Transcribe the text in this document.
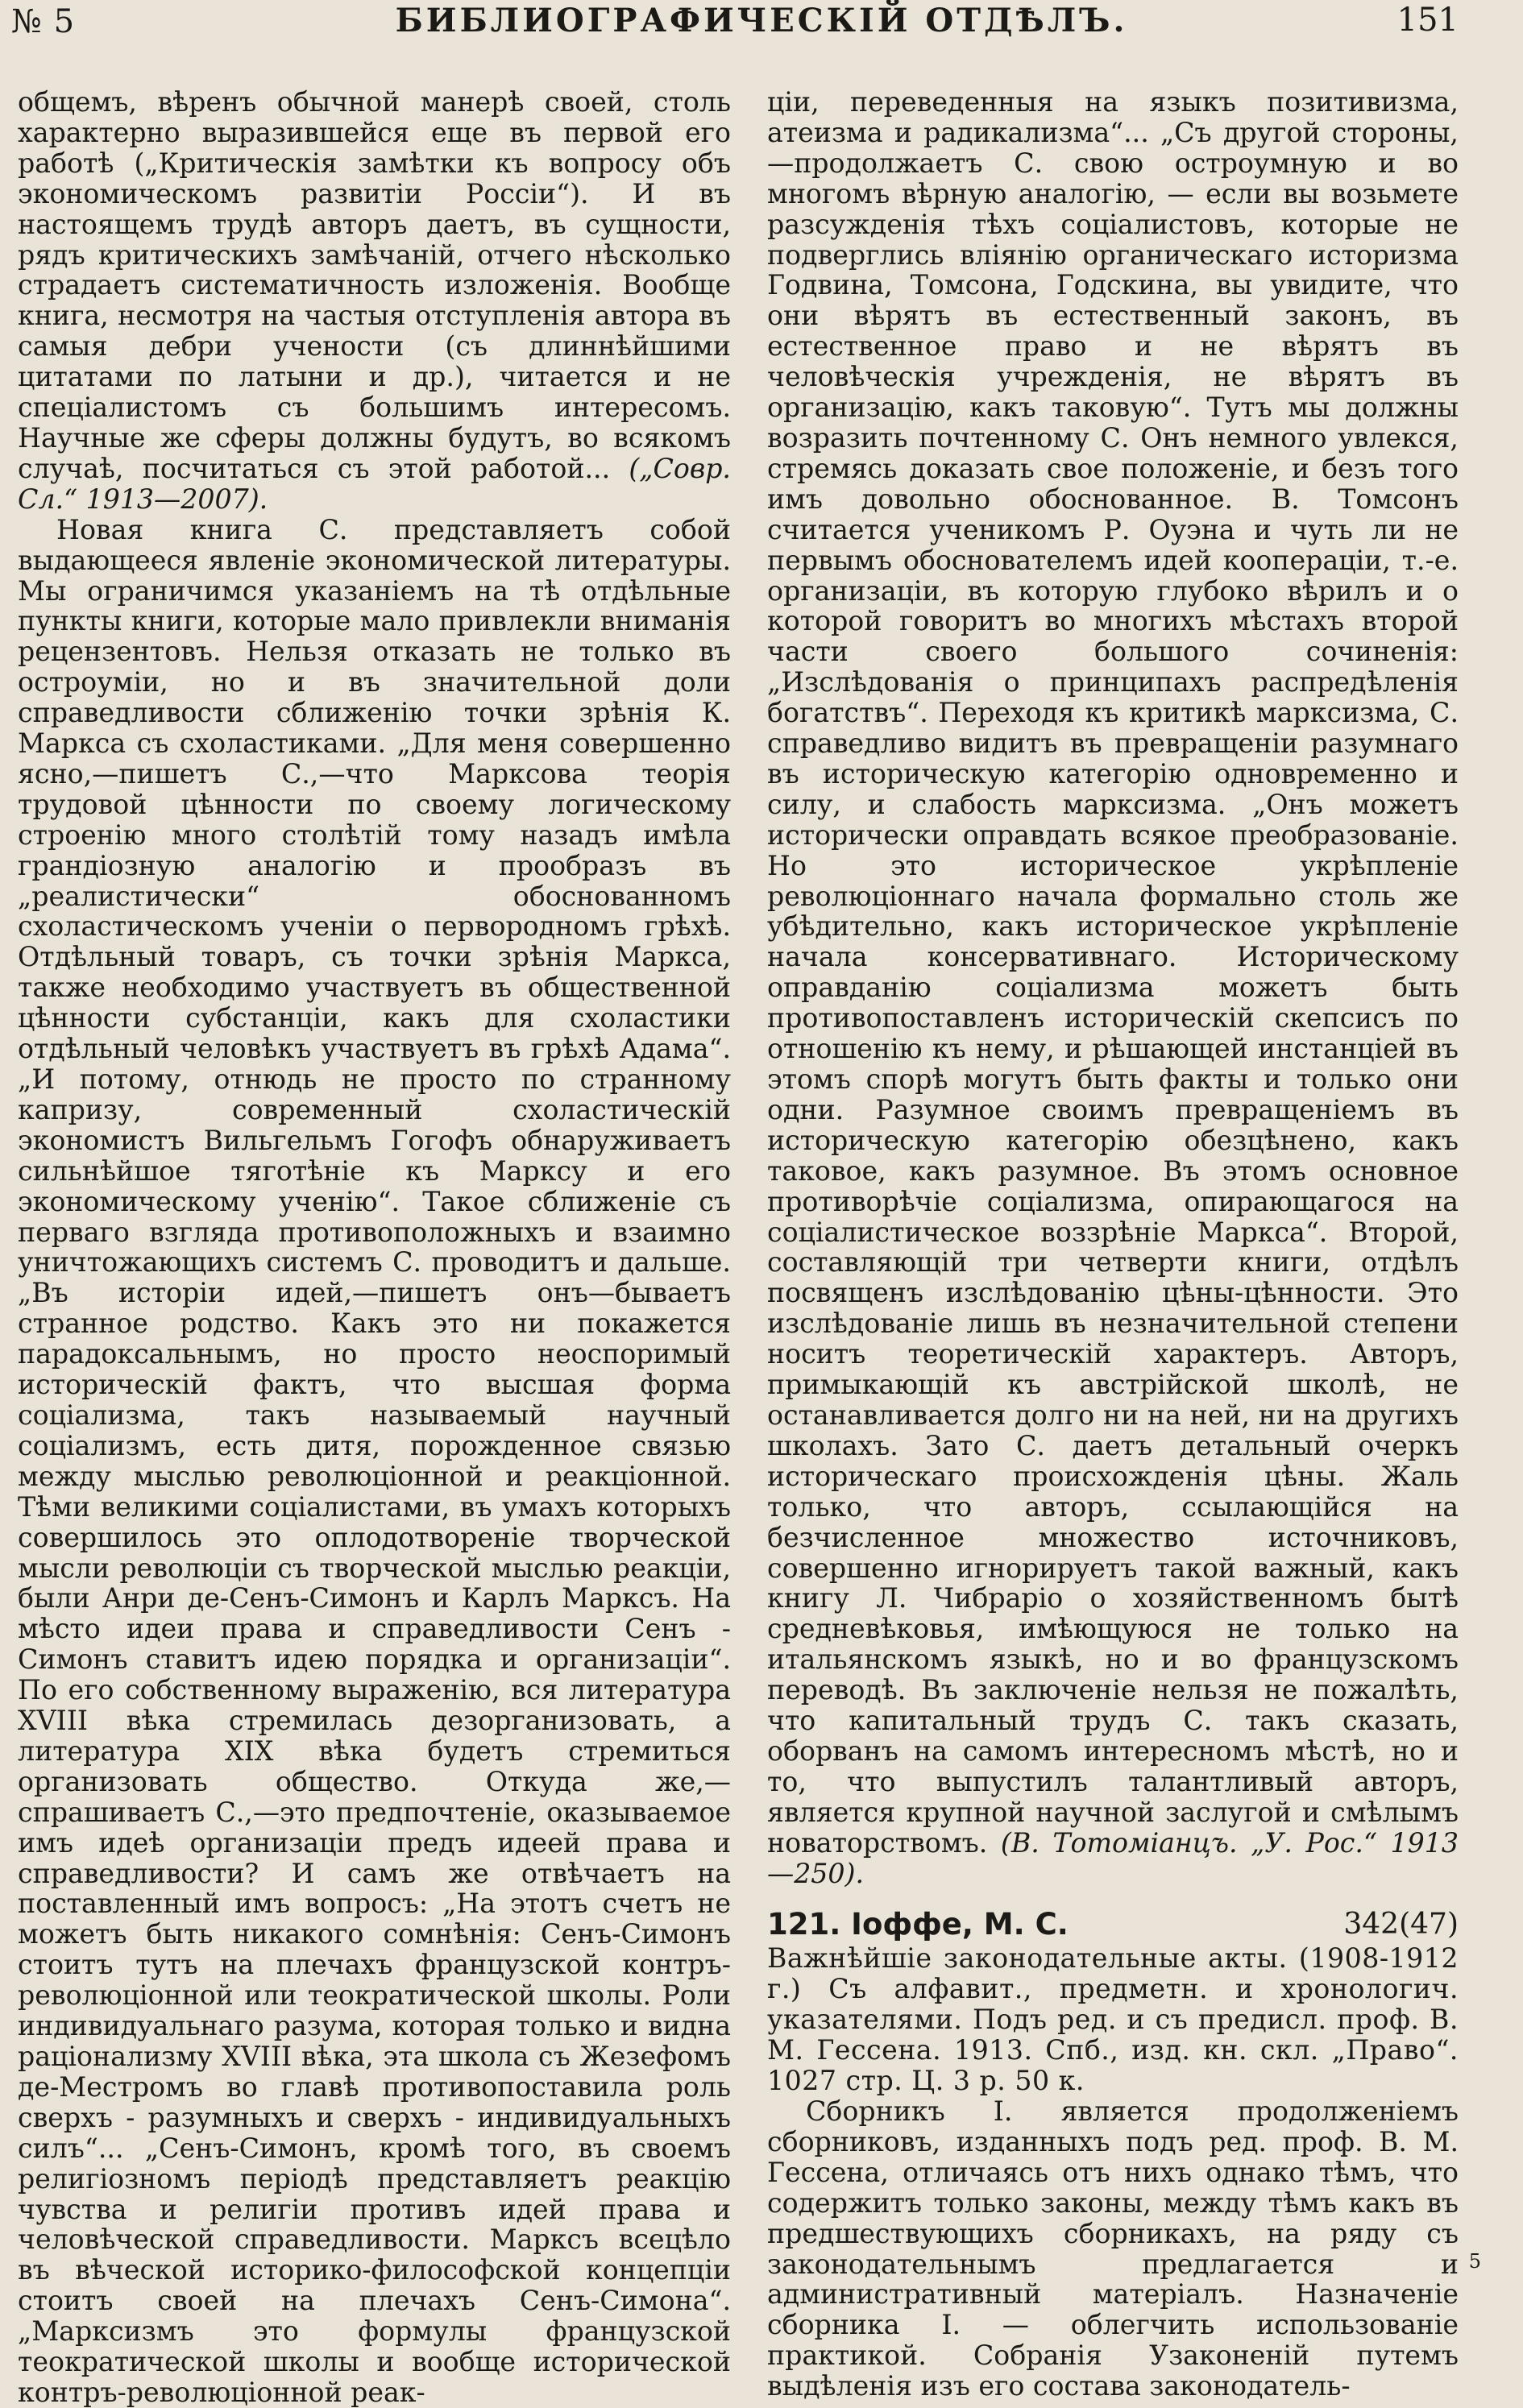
№ 5	БИБЛИОГРАФИЧЕСКІЙ ОТДѢЛЪ.	151

общемъ, вѣренъ обычной манерѣ своей, столь характерно выразившейся еще въ первой его работѣ („Критическія замѣтки къ вопросу объ экономическомъ развитіи Россіи“). И въ настоящемъ трудѣ авторъ даетъ, въ сущности, рядъ критическихъ замѣчаній, отчего нѣсколько страдаетъ систематичность изложенія. Вообще книга, несмотря на частыя отступленія автора въ самыя дебри учености (съ длиннѣйшими цитатами по латыни и др.), читается и не спеціалистомъ съ большимъ интересомъ. Научные же сферы должны будутъ, во всякомъ случаѣ, посчитаться съ этой работой... („Совр. Сл.“ 1913—2007).

Новая книга С. представляетъ собой выдающееся явленіе экономической литературы. Мы ограничимся указаніемъ на тѣ отдѣльные пункты книги, которые мало привлекли вниманія рецензентовъ. Нельзя отказать не только въ остроуміи, но и въ значительной доли справедливости сближенію точки зрѣнія К. Маркса съ схоластиками. „Для меня совершенно ясно,—пишетъ С.,—что Марксова теорія трудовой цѣнности по своему логическому строенію много столѣтій тому назадъ имѣла грандіозную аналогію и прообразъ въ „реалистически“ обоснованномъ схоластическомъ ученіи о первородномъ грѣхѣ. Отдѣльный товаръ, съ точки зрѣнія Маркса, также необходимо участвуетъ въ общественной цѣнности субстанціи, какъ для схоластики отдѣльный человѣкъ участвуетъ въ грѣхѣ Адама“. „И потому, отнюдь не просто по странному капризу, современный схоластическій экономистъ Вильгельмъ Гогофъ обнаруживаетъ сильнѣйшое тяготѣніе къ Марксу и его экономическому ученію“. Такое сближеніе съ перваго взгляда противоположныхъ и взаимно уничтожающихъ системъ С. проводитъ и дальше. „Въ исторіи идей,—пишетъ онъ—бываетъ странное родство. Какъ это ни покажется парадоксальнымъ, но просто неоспоримый историческій фактъ, что высшая форма соціализма, такъ называемый научный соціализмъ, есть дитя, порожденное связью между мыслью революціонной и реакціонной. Тѣми великими соціалистами, въ умахъ которыхъ совершилось это оплодотвореніе творческой мысли революціи съ творческой мыслью реакціи, были Анри де-Сенъ-Симонъ и Карлъ Марксъ. На мѣсто идеи права и справедливости Сенъ - Симонъ ставитъ идею порядка и организаціи“. По его собственному выраженію, вся литература XVIII вѣка стремилась дезорганизовать, а литература XIX вѣка будетъ стремиться организовать общество. Откуда же,—спрашиваетъ С.,—это предпочтеніе, оказываемое имъ идеѣ организаціи предъ идеей права и справедливости? И самъ же отвѣчаетъ на поставленный имъ вопросъ: „На этотъ счетъ не можетъ быть никакого сомнѣнія: Сенъ-Симонъ стоитъ тутъ на плечахъ французской контръ-революціонной или теократической школы. Роли индивидуальнаго разума, которая только и видна раціонализму XVIII вѣка, эта школа съ Жезефомъ де-Местромъ во главѣ противопоставила роль сверхъ - разумныхъ и сверхъ - индивидуальныхъ силъ“... „Сенъ-Симонъ, кромѣ того, въ своемъ религіозномъ періодѣ представляетъ реакцію чувства и религіи противъ идей права и человѣческой справедливости. Марксъ всецѣло въ вѣческой историко-философской концепціи стоитъ своей на плечахъ Сенъ-Симона“. „Марксизмъ это формулы французской теократической школы и вообще исторической контръ-революціонной реак-

ціи, переведенныя на языкъ позитивизма, атеизма и радикализма“... „Съ другой стороны,—продолжаетъ С. свою остроумную и во многомъ вѣрную аналогію, — если вы возьмете разсужденія тѣхъ соціалистовъ, которые не подверглись вліянію органическаго историзма Годвина, Томсона, Годскина, вы увидите, что они вѣрятъ въ естественный законъ, въ естественное право и не вѣрятъ въ человѣческія учрежденія, не вѣрятъ въ организацію, какъ таковую“. Тутъ мы должны возразить почтенному С. Онъ немного увлекся, стремясь доказать свое положеніе, и безъ того имъ довольно обоснованное. В. Томсонъ считается ученикомъ Р. Оуэна и чуть ли не первымъ обоснователемъ идей коопераціи, т.-е. организаціи, въ которую глубоко вѣрилъ и о которой говоритъ во многихъ мѣстахъ второй части своего большого сочиненія: „Изслѣдованія о принципахъ распредѣленія богатствъ“. Переходя къ критикѣ марксизма, С. справедливо видитъ въ превращеніи разумнаго въ историческую категорію одновременно и силу, и слабость марксизма. „Онъ можетъ исторически оправдать всякое преобразованіе. Но это историческое укрѣпленіе революціоннаго начала формально столь же убѣдительно, какъ историческое укрѣпленіе начала консервативнаго. Историческому оправданію соціализма можетъ быть противопоставленъ историческій скепсисъ по отношенію къ нему, и рѣшающей инстанціей въ этомъ спорѣ могутъ быть факты и только они одни. Разумное своимъ превращеніемъ въ историческую категорію обезцѣнено, какъ таковое, какъ разумное. Въ этомъ основное противорѣчіе соціализма, опирающагося на соціалистическое воззрѣніе Маркса“. Второй, составляющій три четверти книги, отдѣлъ посвященъ изслѣдованію цѣны-цѣнности. Это изслѣдованіе лишь въ незначительной степени носитъ теоретическій характеръ. Авторъ, примыкающій къ австрійской школѣ, не останавливается долго ни на ней, ни на другихъ школахъ. Зато С. даетъ детальный очеркъ историческаго происхожденія цѣны. Жаль только, что авторъ, ссылающійся на безчисленное множество источниковъ, совершенно игнорируетъ такой важный, какъ книгу Л. Чибраріо о хозяйственномъ бытѣ средневѣковья, имѣющуюся не только на итальянскомъ языкѣ, но и во французскомъ переводѣ. Въ заключеніе нельзя не пожалѣть, что капитальный трудъ С. такъ сказать, оборванъ на самомъ интересномъ мѣстѣ, но и то, что выпустилъ талантливый авторъ, является крупной научной заслугой и смѣлымъ новаторствомъ. (В. Тотоміанцъ. „У. Рос.“ 1913—250).

121. Іоффе, М. С.	342(47)

Важнѣйшіе законодательные акты. (1908-1912 г.) Съ алфавит., предметн. и хронологич. указателями. Подъ ред. и съ предисл. проф. В. М. Гессена. 1913. Спб., изд. кн. скл. „Право“. 1027 стр. Ц. 3 р. 50 к.

Сборникъ I. является продолженіемъ сборниковъ, изданныхъ подъ ред. проф. В. М. Гессена, отличаясь отъ нихъ однако тѣмъ, что содержитъ только законы, между тѣмъ какъ въ предшествующихъ сборникахъ, на ряду съ законодательнымъ предлагается и административный матеріалъ. Назначеніе сборника I. — облегчить использованіе практикой. Собранія Узаконеній путемъ выдѣленія изъ его состава законодатель-

5
